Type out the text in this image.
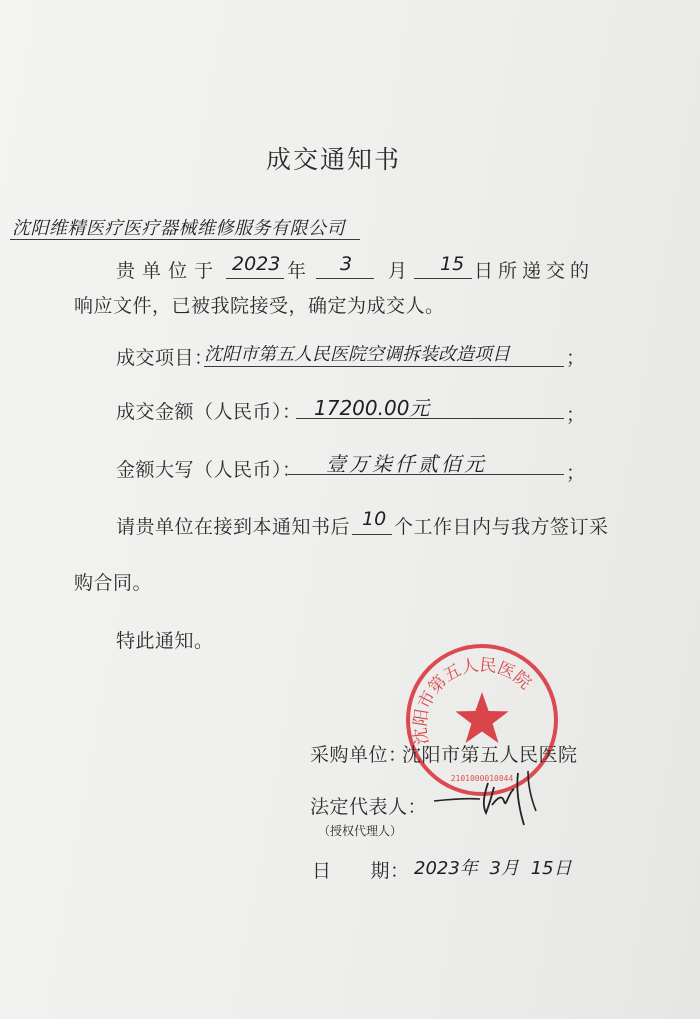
成交通知书
沈阳维精医疗医疗器械维修服务有限公司
贵 单 位 于 2023 年 3 月 15 日所递交的
响应文件，已被我院接受，确定为成交人。
成交项目：
沈阳市第五人民医院空调拆装改造项目	；
成交金额（人民币）： 17200.00元	；
金额大写（人民币）： 壹万柒仟贰佰元	；
请贵单位在接到本通知书后 10 个工作日内与我方签订采
购合同。
特此通知。
沈阳市第五人民医院
2101000010044
采购单位：
沈阳市第五人民医院
法定代表人：
（授权代理人）
日　　期： 2023年 3月 15日
